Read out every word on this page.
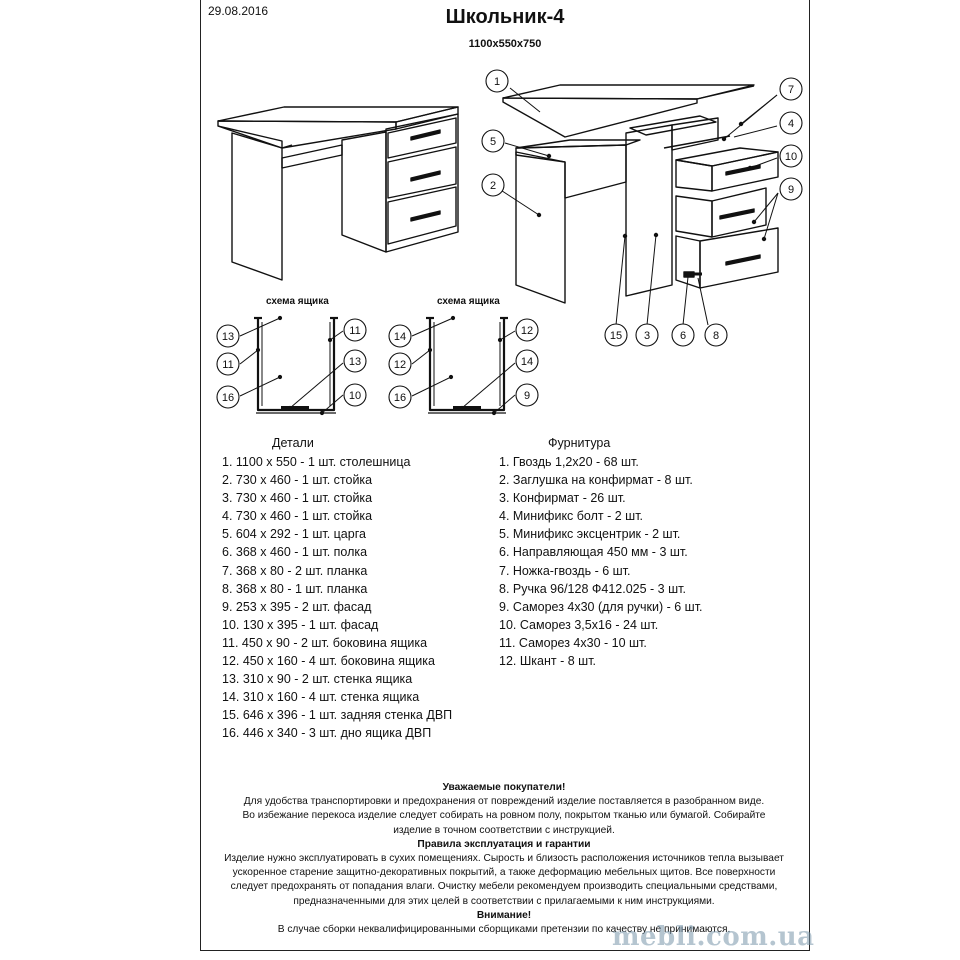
29.08.2016	Школьник-4
1100x550x750
1
7
4
5
10
2	9
15 3	6 8
13	11
11	13
16	10
14	12
12	14
16	9
схема ящика	схема ящика
Детали
1. 1100 x 550 - 1 шт. столешница
2. 730 x 460 - 1 шт. стойка
3. 730 x 460 - 1 шт. стойка
4. 730 x 460 - 1 шт. стойка
5. 604 x 292 - 1 шт. царга
6. 368 x 460 - 1 шт. полка
7. 368 x 80 - 2 шт. планка
8. 368 x 80 - 1 шт. планка
9. 253 x 395 - 2 шт. фасад
10. 130 x 395 - 1 шт. фасад
11. 450 x 90 - 2 шт. боковина ящика
12. 450 x 160 - 4 шт. боковина ящика
13. 310 x 90 - 2 шт. стенка ящика
14. 310 x 160 - 4 шт. стенка ящика
15. 646 x 396 - 1 шт. задняя стенка ДВП
16. 446 x 340 - 3 шт. дно ящика ДВП
Фурнитура
1. Гвоздь 1,2x20 - 68 шт.
2. Заглушка на конфирмат - 8 шт.
3. Конфирмат - 26 шт.
4. Минификс болт - 2 шт.
5. Минификс эксцентрик - 2 шт.
6. Направляющая 450 мм - 3 шт.
7. Ножка-гвоздь - 6 шт.
8. Ручка 96/128 Ф412.025 - 3 шт.
9. Саморез 4x30 (для ручки) - 6 шт.
10. Саморез 3,5x16 - 24 шт.
11. Саморез 4x30 - 10 шт.
12. Шкант - 8 шт.
Уважаемые покупатели!
Для удобства транспортировки и предохранения от повреждений изделие поставляется в разобранном виде.
Во избежание перекоса изделие следует собирать на ровном полу, покрытом тканью или бумагой. Собирайте
изделие в точном соответствии с инструкцией.
Правила эксплуатация и гарантии
Изделие нужно эксплуатировать в сухих помещениях. Сырость и близость расположения источников тепла вызывает
ускоренное старение защитно-декоративных покрытий, а также деформацию мебельных щитов. Все поверхности
следует предохранять от попадания влаги. Очистку мебели рекомендуем производить специальными средствами,
предназначенными для этих целей в соответствии с прилагаемыми к ним инструкциями.
Внимание!
В случае сборки неквалифицированными сборщиками претензии по качеству не принимаются.
mebli.com.ua
